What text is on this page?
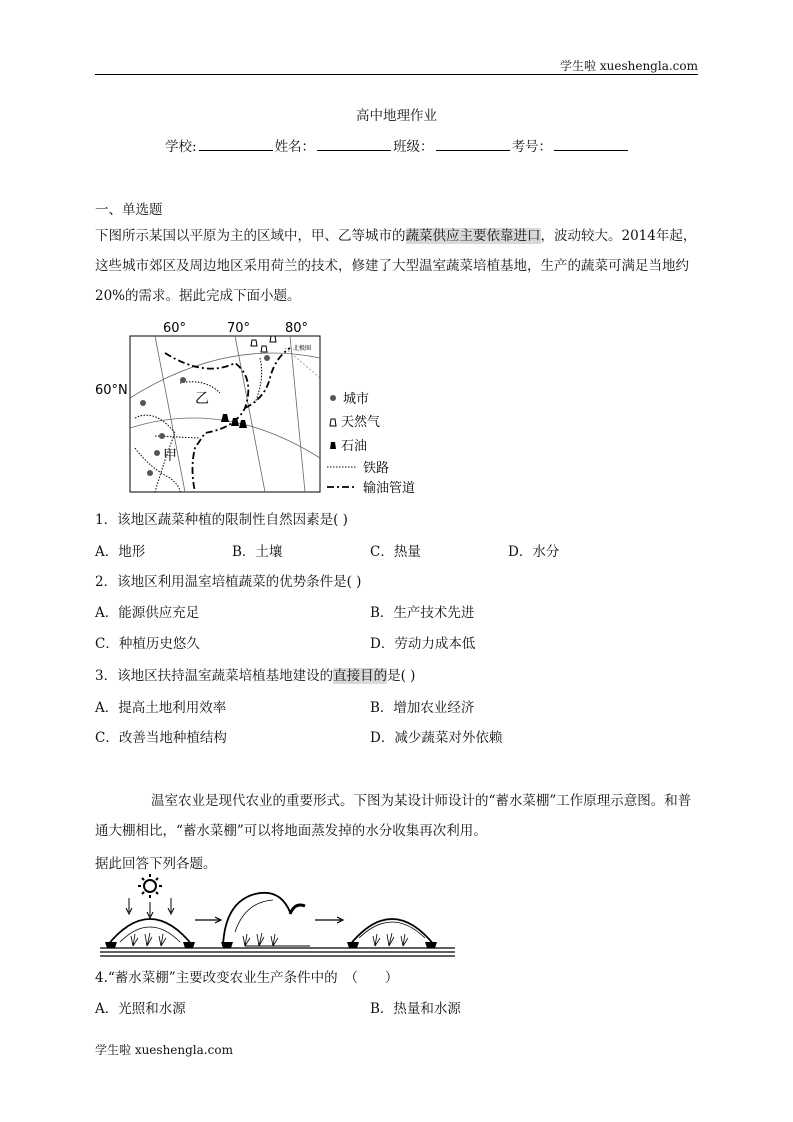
学生啦 xueshengla.com
高中地理作业
学校:	姓名：	班级：	考号：
一、单选题
下图所示某国以平原为主的区域中，甲、乙等城市的蔬菜供应主要依靠进口，波动较大。2014年起，这些城市郊区及周边地区采用荷兰的技术，修建了大型温室蔬菜培植基地，生产的蔬菜可满足当地约 20%的需求。据此完成下面小题。
北极圈
60°	70°	80°
60°N
乙
甲
城市
天然气
石油
铁路
输油管道
1．该地区蔬菜种植的限制性自然因素是( )
A．地形	B．土壤	C．热量	D．水分
2．该地区利用温室培植蔬菜的优势条件是( )
A．能源供应充足	B．生产技术先进
C．种植历史悠久	D．劳动力成本低
3．该地区扶持温室蔬菜培植基地建设的直接目的是( )
A．提高土地利用效率	B．增加农业经济
C．改善当地种植结构	D．减少蔬菜对外依赖
温室农业是现代农业的重要形式。下图为某设计师设计的“蓄水菜棚”工作原理示意图。和普通大棚相比，“蓄水菜棚”可以将地面蒸发掉的水分收集再次利用。
据此回答下列各题。
4.“蓄水菜棚”主要改变农业生产条件中的　（　　）
A．光照和水源	B．热量和水源
学生啦 xueshengla.com
